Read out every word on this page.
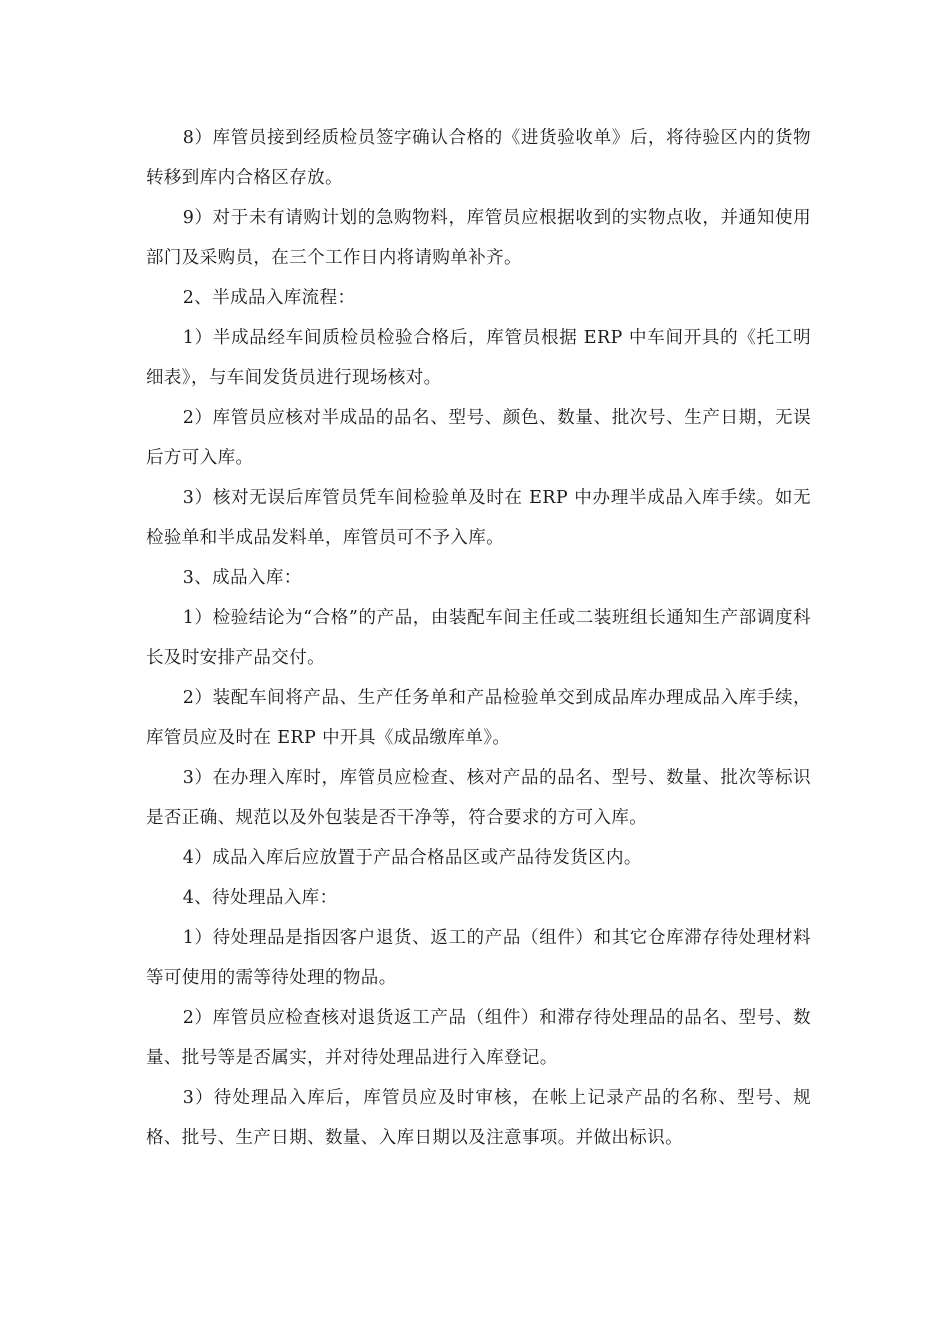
8）库管员接到经质检员签字确认合格的《进货验收单》后，将待验区内的货物转移到库内合格区存放。

9）对于未有请购计划的急购物料，库管员应根据收到的实物点收，并通知使用部门及采购员，在三个工作日内将请购单补齐。

2、半成品入库流程：

1）半成品经车间质检员检验合格后，库管员根据 ERP 中车间开具的《托工明细表》，与车间发货员进行现场核对。

2）库管员应核对半成品的品名、型号、颜色、数量、批次号、生产日期，无误后方可入库。

3）核对无误后库管员凭车间检验单及时在 ERP 中办理半成品入库手续。如无检验单和半成品发料单，库管员可不予入库。

3、成品入库：

1）检验结论为“合格”的产品，由装配车间主任或二装班组长通知生产部调度科长及时安排产品交付。

2）装配车间将产品、生产任务单和产品检验单交到成品库办理成品入库手续，库管员应及时在 ERP 中开具《成品缴库单》。

3）在办理入库时，库管员应检查、核对产品的品名、型号、数量、批次等标识是否正确、规范以及外包装是否干净等，符合要求的方可入库。

4）成品入库后应放置于产品合格品区或产品待发货区内。

4、待处理品入库：

1）待处理品是指因客户退货、返工的产品（组件）和其它仓库滞存待处理材料等可使用的需等待处理的物品。

2）库管员应检查核对退货返工产品（组件）和滞存待处理品的品名、型号、数量、批号等是否属实，并对待处理品进行入库登记。

3）待处理品入库后，库管员应及时审核，在帐上记录产品的名称、型号、规格、批号、生产日期、数量、入库日期以及注意事项。并做出标识。
